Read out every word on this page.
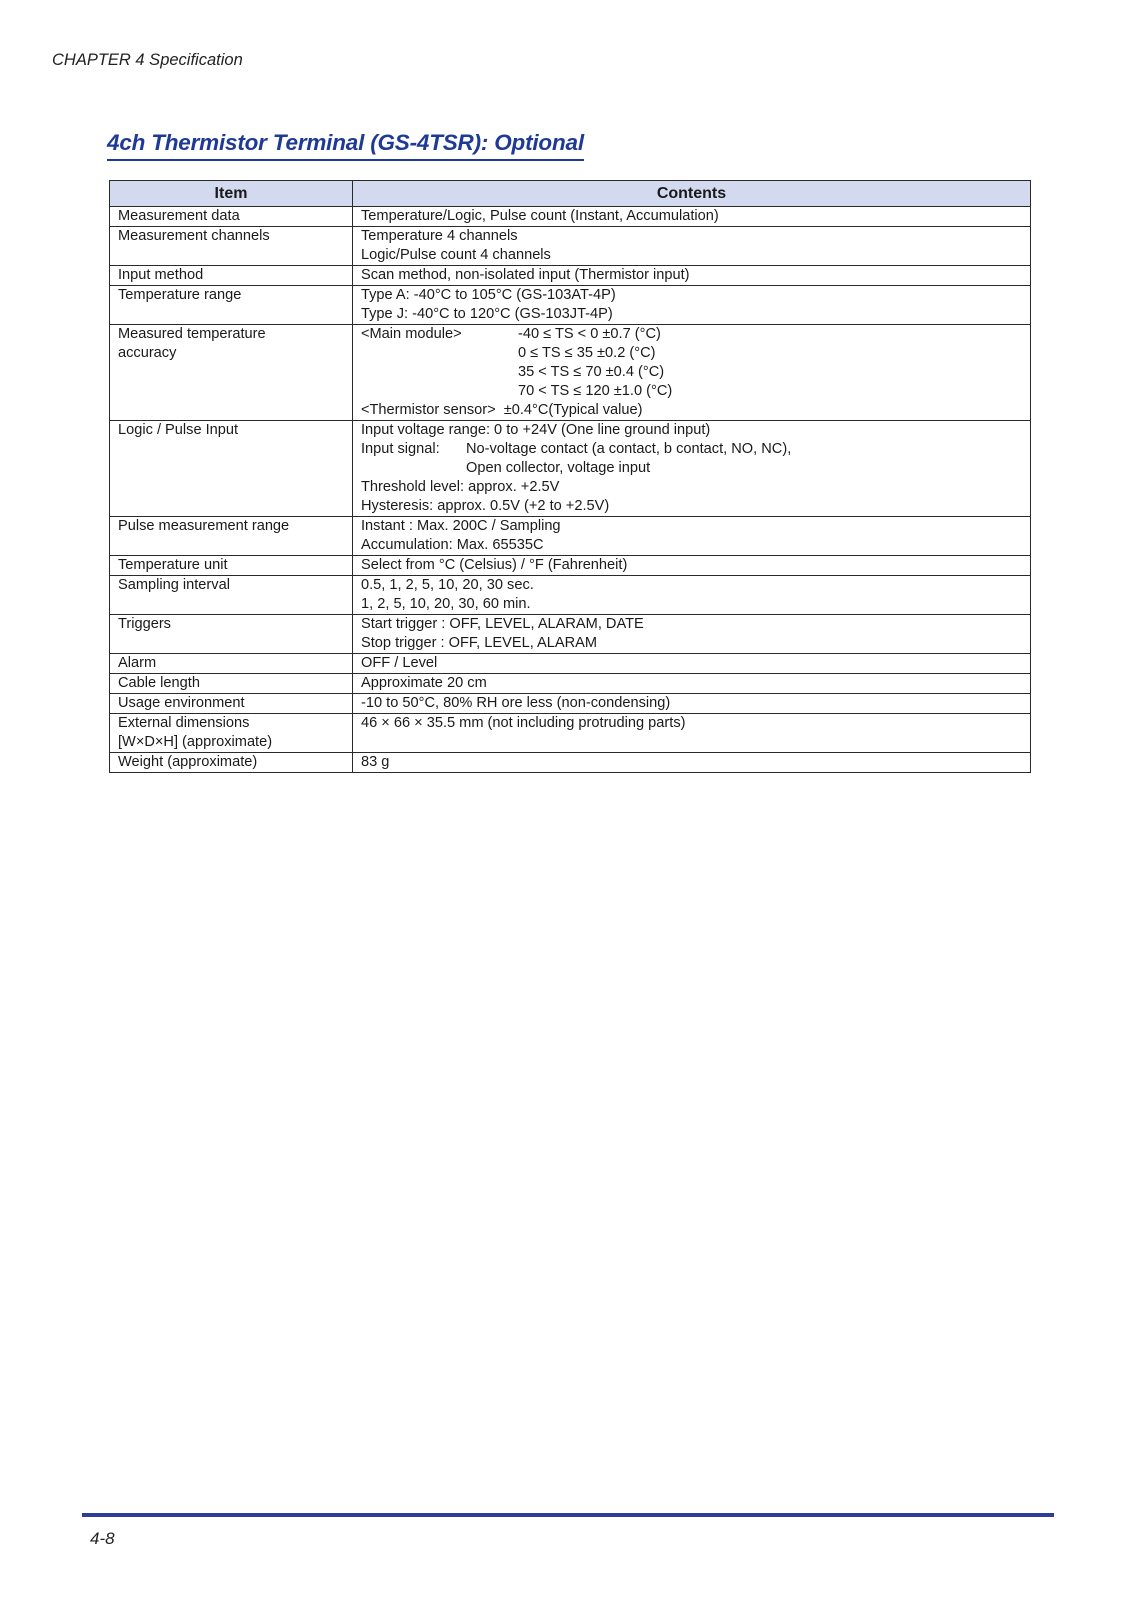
CHAPTER 4 Specification
4ch Thermistor Terminal (GS-4TSR): Optional
Item	Contents
Measurement data	Temperature/Logic, Pulse count (Instant, Accumulation)

Measurement channels	Temperature 4 channels
Logic/Pulse count 4 channels

Input method	Scan method, non-isolated input (Thermistor input)

Temperature range	Type A: -40°C to 105°C (GS-103AT-4P)
Type J: -40°C to 120°C (GS-103JT-4P)

Measured temperature accuracy	<Main module> -40 ≤ TS < 0 ±0.7 (°C)
0 ≤ TS ≤ 35 ±0.2 (°C)
35 < TS ≤ 70 ±0.4 (°C)
70 < TS ≤ 120 ±1.0 (°C)
<Thermistor sensor> ±0.4°C(Typical value)

Logic / Pulse Input	Input voltage range: 0 to +24V (One line ground input)
Input signal: No-voltage contact (a contact, b contact, NO, NC),
Open collector, voltage input
Threshold level: approx. +2.5V
Hysteresis: approx. 0.5V (+2 to +2.5V)

Pulse measurement range	Instant : Max. 200C / Sampling
Accumulation: Max. 65535C

Temperature unit	Select from °C (Celsius) / °F (Fahrenheit)

Sampling interval	0.5, 1, 2, 5, 10, 20, 30 sec.
1, 2, 5, 10, 20, 30, 60 min.

Triggers	Start trigger : OFF, LEVEL, ALARAM, DATE
Stop trigger : OFF, LEVEL, ALARAM

Alarm	OFF / Level

Cable length	Approximate 20 cm

Usage environment	-10 to 50°C, 80% RH ore less (non-condensing)

External dimensions [W×D×H] (approximate)	46 × 66 × 35.5 mm (not including protruding parts)

Weight (approximate)	83 g
4-8
